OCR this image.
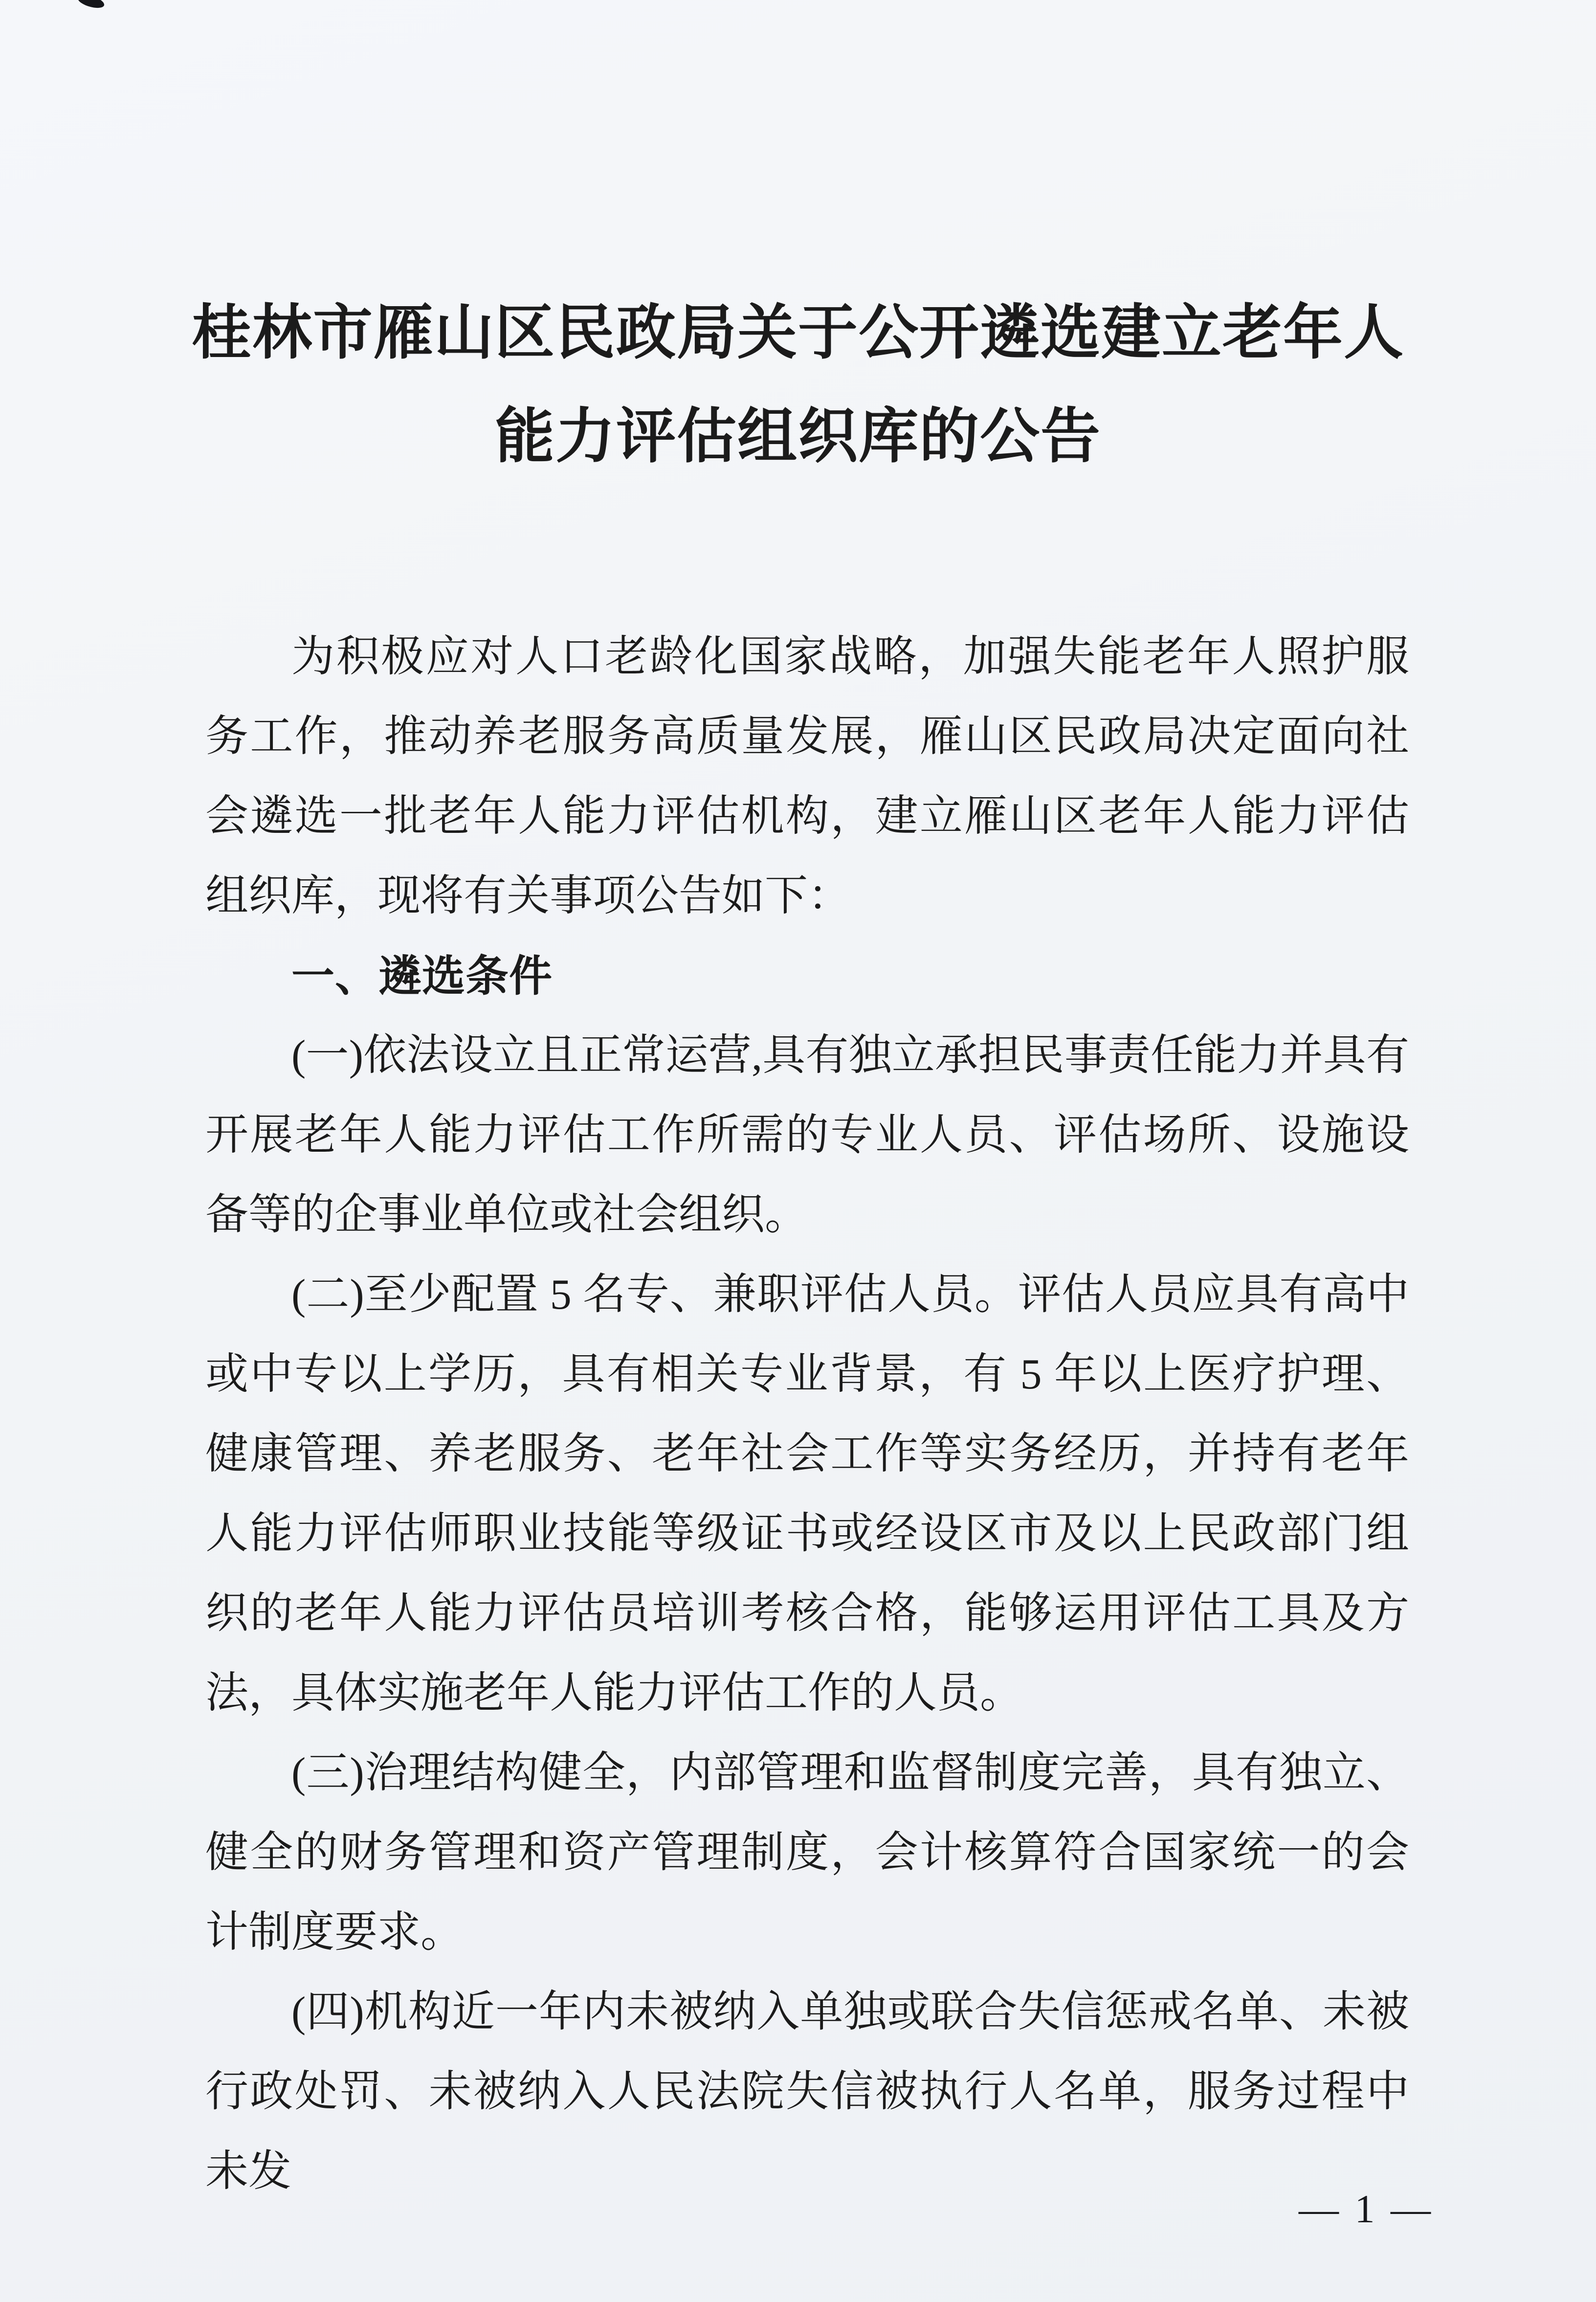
桂林市雁山区民政局关于公开遴选建立老年人
能力评估组织库的公告

为积极应对人口老龄化国家战略，加强失能老年人照护服务工作，推动养老服务高质量发展，雁山区民政局决定面向社会遴选一批老年人能力评估机构，建立雁山区老年人能力评估组织库，现将有关事项公告如下：

一、遴选条件

(一)依法设立且正常运营,具有独立承担民事责任能力并具有开展老年人能力评估工作所需的专业人员、评估场所、设施设备等的企事业单位或社会组织。

(二)至少配置 5 名专、兼职评估人员。评估人员应具有高中或中专以上学历，具有相关专业背景，有 5 年以上医疗护理、健康管理、养老服务、老年社会工作等实务经历，并持有老年人能力评估师职业技能等级证书或经设区市及以上民政部门组织的老年人能力评估员培训考核合格，能够运用评估工具及方法，具体实施老年人能力评估工作的人员。

(三)治理结构健全，内部管理和监督制度完善，具有独立、健全的财务管理和资产管理制度，会计核算符合国家统一的会计制度要求。

(四)机构近一年内未被纳入单独或联合失信惩戒名单、未被行政处罚、未被纳入人民法院失信被执行人名单，服务过程中未发

— 1 —
